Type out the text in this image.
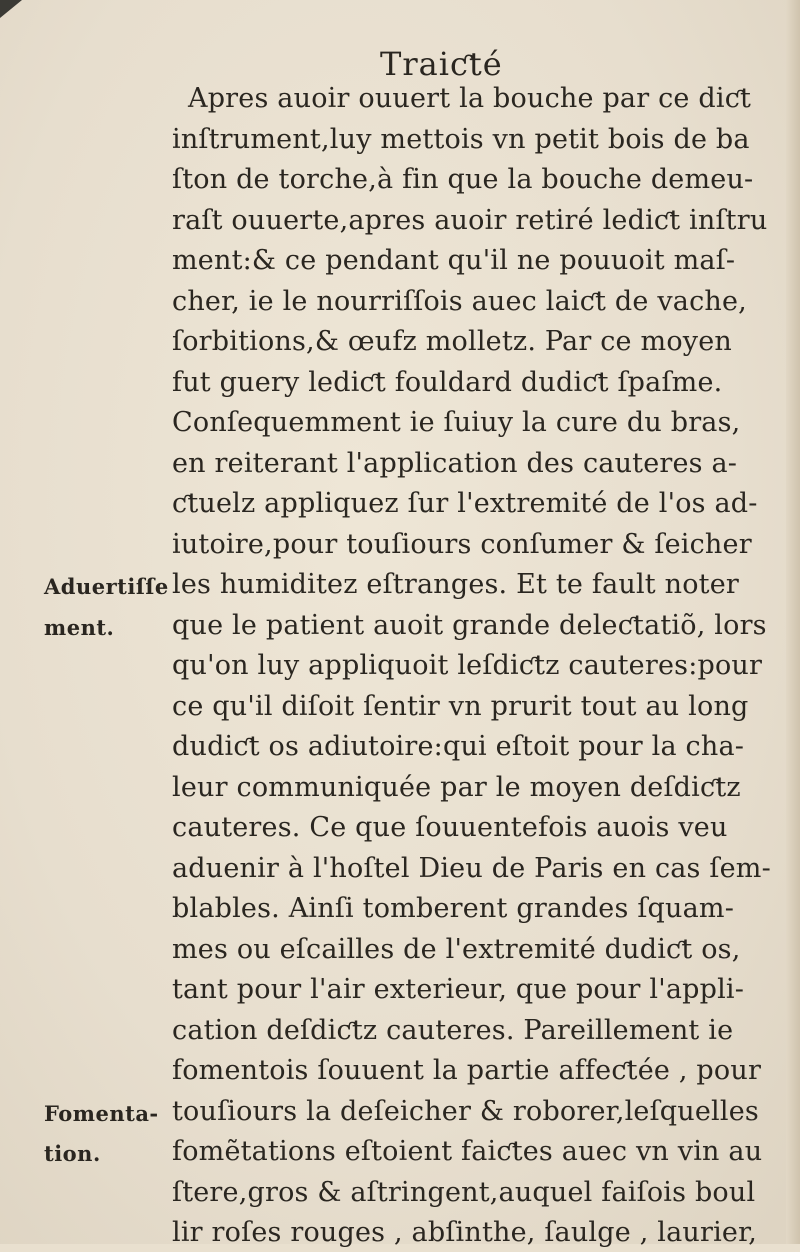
Traiƈté
Apres auoir ouuert la bouche par ce diƈt
inſtrument,luy mettois vn petit bois de ba
ſton de torche,à fin que la bouche demeu-
raſt ouuerte,apres auoir retiré lediƈt inſtru
ment:& ce pendant qu'il ne pouuoit maſ-
cher, ie le nourriſſois auec laiƈt de vache,
ſorbitions,& œufz molletz. Par ce moyen
fut guery lediƈt fouldard dudiƈt ſpaſme.
Conſequemment ie ſuiuy la cure du bras,
en reiterant l'application des cauteres a-
ƈtuelz appliquez ſur l'extremité de l'os ad-
iutoire,pour touſiours conſumer & ſeicher
les humiditez eſtranges. Et te fault noter
que le patient auoit grande deleƈtatiõ, lors
qu'on luy appliquoit leſdiƈtz cauteres:pour
ce qu'il diſoit ſentir vn prurit tout au long
dudiƈt os adiutoire:qui eſtoit pour la cha-
leur communiquée par le moyen deſdiƈtz
cauteres. Ce que ſouuentefois auois veu
aduenir à l'hoſtel Dieu de Paris en cas ſem-
blables. Ainſi tomberent grandes ſquam-
mes ou eſcailles de l'extremité dudiƈt os,
tant pour l'air exterieur, que pour l'appli-
cation deſdiƈtz cauteres. Pareillement ie
fomentois ſouuent la partie affeƈtée , pour
touſiours la deſeicher & roborer,leſquelles
fomẽtations eſtoient faiƈtes auec vn vin au
Aduertiſſe
ment.
Fomenta-
tion.
ſtere,gros & aſtringent,auquel faiſois boul
lir roſes rouges , abſinthe, ſaulge , laurier,
